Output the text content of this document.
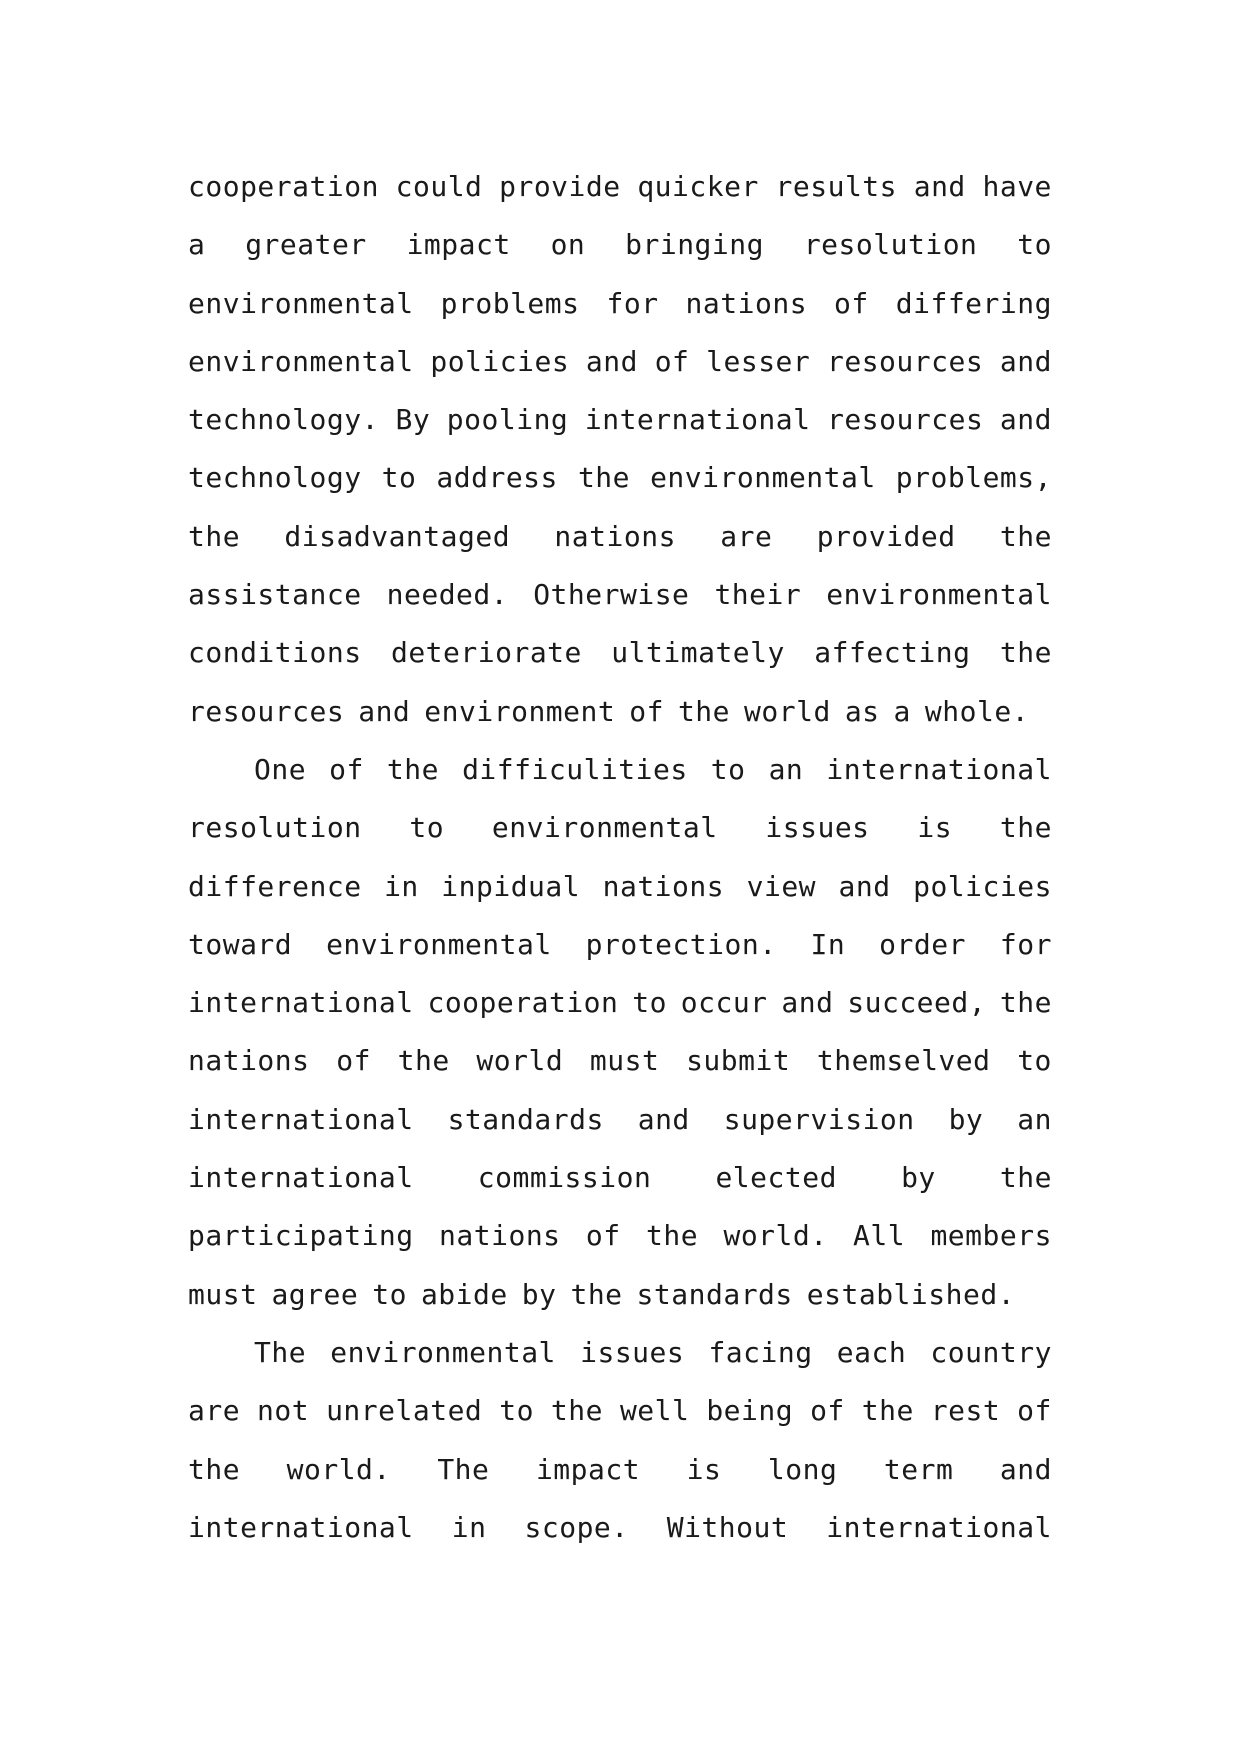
cooperation could provide quicker results and have
a greater impact on bringing resolution to
environmental problems for nations of differing
environmental policies and of lesser resources and
technology. By pooling international resources and
technology to address the environmental problems,
the disadvantaged nations are provided the
assistance needed. Otherwise their environmental
conditions deteriorate ultimately affecting the
resources and environment of the world as a whole.
One of the difficulities to an international
resolution to environmental issues is the
difference in inpidual nations view and policies
toward environmental protection. In order for
international cooperation to occur and succeed, the
nations of the world must submit themselved to
international standards and supervision by an
international commission elected by the
participating nations of the world. All members
must agree to abide by the standards established.
The environmental issues facing each country
are not unrelated to the well being of the rest of
the world. The impact is long term and
international in scope. Without international
